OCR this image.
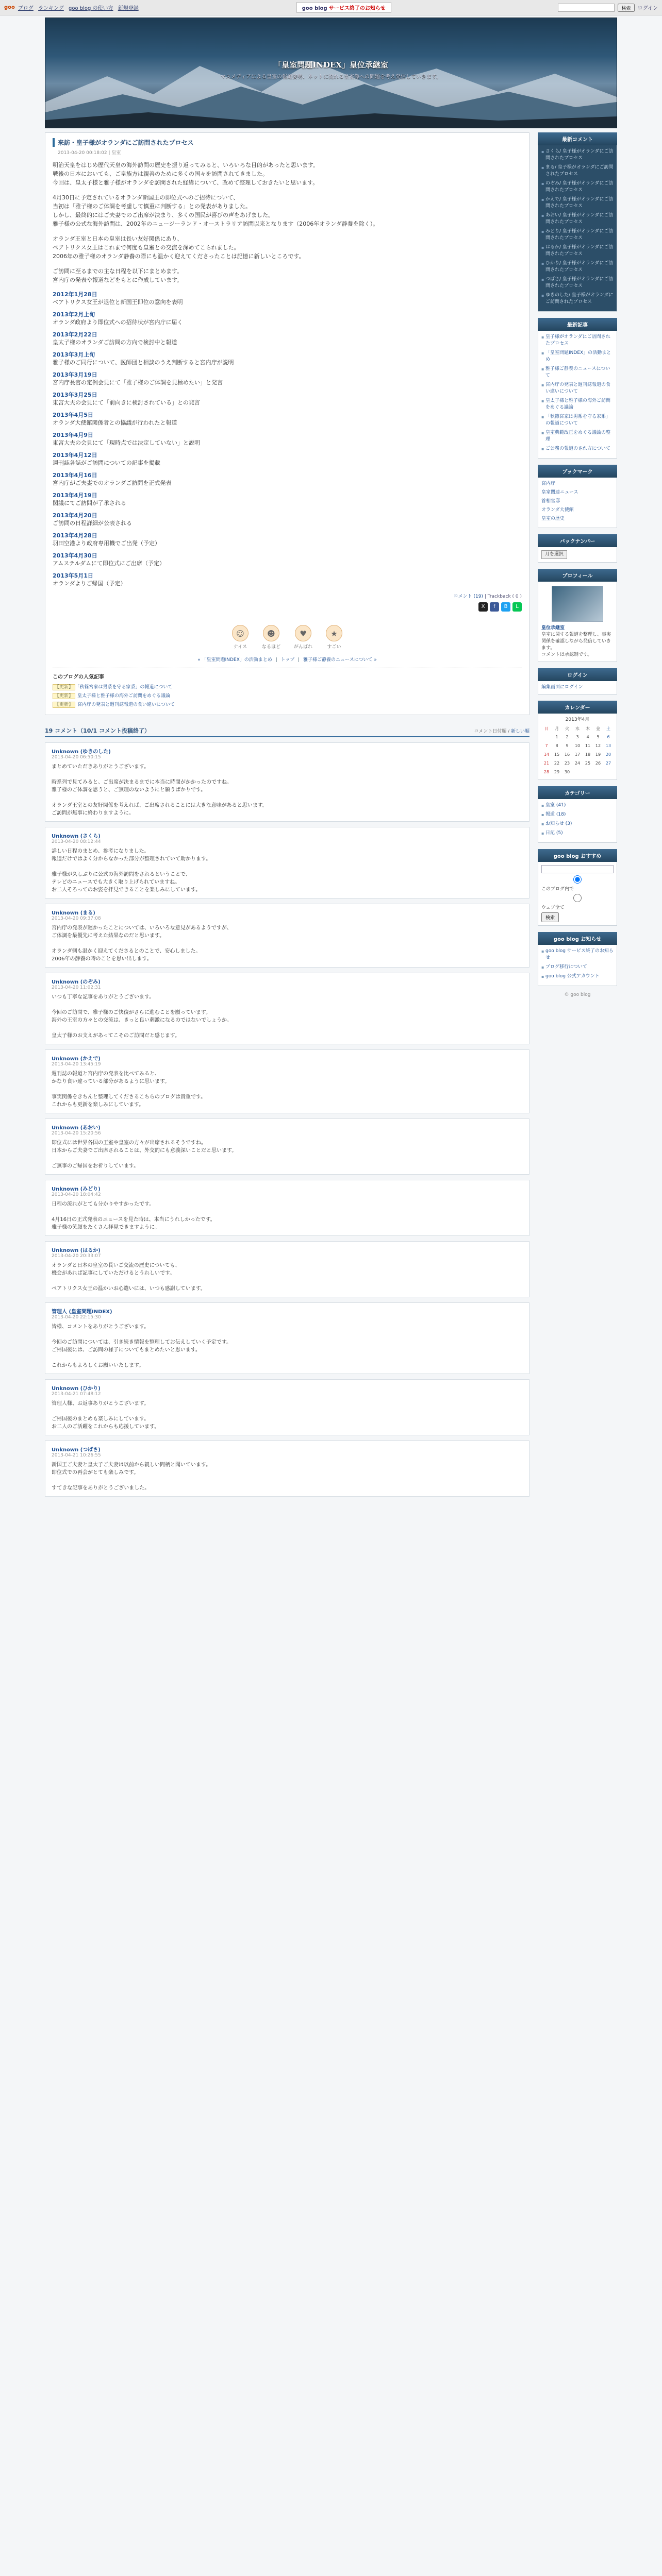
goo ブログ ランキング goo blog の使い方 新規登録	goo blog サービス終了のお知らせ	検索	ログイン
「皇室問題INDEX」皇位承継室
マスメディアによる皇室の報道姿勢、ネットに流れる皇室像への問題を考え発信していきます。
来訪・皇子様がオランダにご訪問されたプロセス
2013-04-20 00:18:02 | 皇室
明治天皇をはじめ歴代天皇の海外訪問の歴史を振り返ってみると、いろいろな目的があったと思います。
戦後の日本においても、ご皇族方は親善のために多くの国々を訪問されてきました。
今回は、皇太子様と雅子様がオランダを訪問された経緯について、改めて整理しておきたいと思います。
4月30日に予定されているオランダ新国王の即位式へのご招待について、
当初は「雅子様のご体調を考慮して慎重に判断する」との発表がありました。
しかし、最終的にはご夫妻でのご出席が決まり、多くの国民が喜びの声をあげました。
雅子様の公式な海外訪問は、2002年のニュージーランド・オーストラリア訪問以来となります（2006年オランダ静養を除く）。
オランダ王室と日本の皇室は長い友好関係にあり、
ベアトリクス女王はこれまで何度も皇室との交流を深めてこられました。
2006年の雅子様のオランダ静養の際にも温かく迎えてくださったことは記憶に新しいところです。
ご訪問に至るまでの主な日程を以下にまとめます。
宮内庁の発表や報道などをもとに作成しています。
2012年1月28日
ベアトリクス女王が退位と新国王即位の意向を表明
2013年2月上旬
オランダ政府より即位式への招待状が宮内庁に届く
2013年2月22日
皇太子様のオランダご訪問の方向で検討中と報道
2013年3月上旬
雅子様のご同行について、医師団と相談のうえ判断すると宮内庁が説明
2013年3月19日
宮内庁長官の定例会見にて「雅子様のご体調を見極めたい」と発言
2013年3月25日
東宮大夫の会見にて「前向きに検討されている」との発言
2013年4月5日
オランダ大使館関係者との協議が行われたと報道
2013年4月9日
東宮大夫の会見にて「現時点では決定していない」と説明
2013年4月12日
週刊誌各誌がご訪問についての記事を掲載
2013年4月16日
宮内庁がご夫妻でのオランダご訪問を正式発表
2013年4月19日
閣議にてご訪問が了承される
2013年4月20日
ご訪問の日程詳細が公表される
2013年4月28日
羽田空港より政府専用機でご出発（予定）
2013年4月30日
アムステルダムにて即位式にご出席（予定）
2013年5月1日
オランダよりご帰国（予定）
コメント (19) | Trackback ( 0 )
X	f	B	L
☺
ナイス
☻
なるほど
♥
がんばれ
★
すごい
« 「皇室問題INDEX」の活動まとめ | トップ | 雅子様ご静養のニュースについて »
このブログの人気記事
【更新】 「秋篠宮家は男系を守る家系」の報道について
【更新】 皇太子様と雅子様の海外ご訪問をめぐる議論
【更新】 宮内庁の発表と週刊誌報道の食い違いについて
19 コメント（10/1 コメント投稿終了）	コメント日付順 / 新しい順
Unknown (ゆきのした)
2013-04-20 06:50:15
まとめていただきありがとうございます。
時系列で見てみると、ご出席が決まるまでに本当に時間がかかったのですね。
雅子様のご体調を思うと、ご無理のないようにと願うばかりです。
オランダ王室との友好関係を考えれば、ご出席されることには大きな意味があると思います。
ご訪問が無事に終わりますように。
Unknown (さくら)
2013-04-20 08:12:44
詳しい日程のまとめ、参考になりました。
報道だけではよく分からなかった部分が整理されていて助かります。
雅子様が久しぶりに公式の海外訪問をされるということで、
テレビのニュースでも大きく取り上げられていますね。
お二人そろってのお姿を拝見できることを楽しみにしています。
Unknown (まる)
2013-04-20 09:37:08
宮内庁の発表が遅かったことについては、いろいろな意見があるようですが、
ご体調を最優先に考えた結果なのだと思います。
オランダ側も温かく迎えてくださるとのことで、安心しました。
2006年の静養の時のことを思い出します。
Unknown (のぞみ)
2013-04-20 11:02:31
いつも丁寧な記事をありがとうございます。
今回のご訪問で、雅子様のご快復がさらに進むことを願っています。
海外の王室の方々との交流は、きっと良い刺激になるのではないでしょうか。
皇太子様のお支えがあってこそのご訪問だと感じます。
Unknown (かえで)
2013-04-20 13:45:19
週刊誌の報道と宮内庁の発表を比べてみると、
かなり食い違っている部分があるように思います。
事実関係をきちんと整理してくださるこちらのブログは貴重です。
これからも更新を楽しみにしています。
Unknown (あおい)
2013-04-20 15:20:56
即位式には世界各国の王室や皇室の方々が出席されるそうですね。
日本からご夫妻でご出席されることは、外交的にも意義深いことだと思います。
ご無事のご帰国をお祈りしています。
Unknown (みどり)
2013-04-20 18:04:42
日程の流れがとても分かりやすかったです。
4月16日の正式発表のニュースを見た時は、本当にうれしかったです。
雅子様の笑顔をたくさん拝見できますように。
Unknown (はるか)
2013-04-20 20:33:07
オランダと日本の皇室の長いご交流の歴史についても、
機会があれば記事にしていただけるとうれしいです。
ベアトリクス女王の温かいお心遣いには、いつも感謝しています。
管理人 (皇室問題INDEX)
2013-04-20 22:15:30
皆様、コメントをありがとうございます。
今回のご訪問については、引き続き情報を整理してお伝えしていく予定です。
ご帰国後には、ご訪問の様子についてもまとめたいと思います。
これからもよろしくお願いいたします。
Unknown (ひかり)
2013-04-21 07:48:12
管理人様、お返事ありがとうございます。
ご帰国後のまとめも楽しみにしています。
お二人のご活躍をこれからも応援しています。
Unknown (つばさ)
2013-04-21 10:26:55
新国王ご夫妻と皇太子ご夫妻は以前から親しい間柄と聞いています。
即位式での再会がとても楽しみです。
すてきな記事をありがとうございました。
最新コメント
▪ さくら/ 皇子様がオランダにご訪問されたプロセス
▪ まる/ 皇子様がオランダにご訪問されたプロセス
▪ のぞみ/ 皇子様がオランダにご訪問されたプロセス
▪ かえで/ 皇子様がオランダにご訪問されたプロセス
▪ あおい/ 皇子様がオランダにご訪問されたプロセス
▪ みどり/ 皇子様がオランダにご訪問されたプロセス
▪ はるか/ 皇子様がオランダにご訪問されたプロセス
▪ ひかり/ 皇子様がオランダにご訪問されたプロセス
▪ つばさ/ 皇子様がオランダにご訪問されたプロセス
▪ ゆきのした/ 皇子様がオランダにご訪問されたプロセス
最新記事
▪ 皇子様がオランダにご訪問されたプロセス
▪ 「皇室問題INDEX」の活動まとめ
▪ 雅子様ご静養のニュースについて
▪ 宮内庁の発表と週刊誌報道の食い違いについて
▪ 皇太子様と雅子様の海外ご訪問をめぐる議論
▪ 「秋篠宮家は男系を守る家系」の報道について
▪ 皇室典範改正をめぐる議論の整理
▪ ご公務の報道のされ方について
ブックマーク
宮内庁
皇室関連ニュース
首相官邸
オランダ大使館
皇室の歴史
バックナンバー
月を選択
プロフィール
皇位承継室
皇室に関する報道を整理し、事実関係を確認しながら発信していきます。
コメントは承認制です。
ログイン
編集画面にログイン
カレンダー
2013年4月
日	月	火	水	木	金	土
	1	2	3	4	5	6
7	8	9	10	11	12	13
14	15	16	17	18	19	20
21	22	23	24	25	26	27
28	29	30				
カテゴリー
▪ 皇室 (41)
▪ 報道 (18)
▪ お知らせ (3)
▪ 日記 (5)
goo blog おすすめ
このブログ内で
ウェブ全て
検索
goo blog お知らせ
▪ goo blog サービス終了のお知らせ
▪ ブログ移行について
▪ goo blog 公式アカウント
© goo blog
